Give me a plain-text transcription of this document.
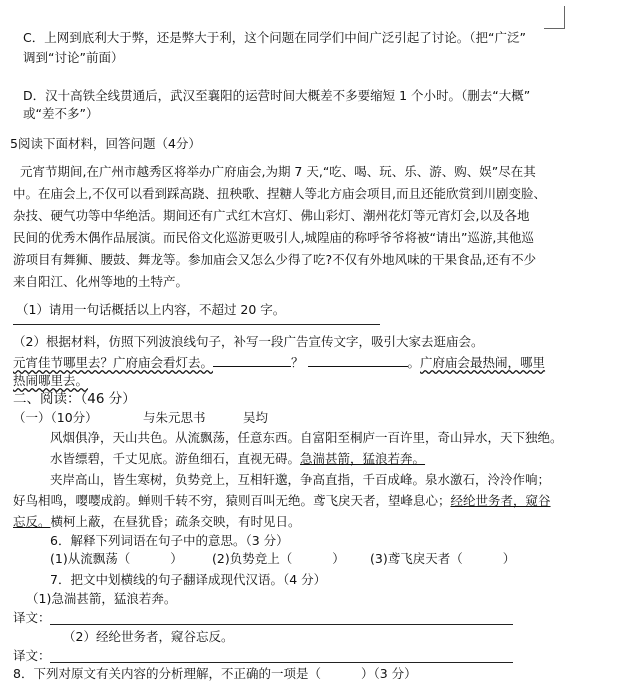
C．上网到底利大于弊，还是弊大于利，这个问题在同学们中间广泛引起了讨论。（把“广泛”
调到“讨论”前面）
D．汉十高铁全线贯通后，武汉至襄阳的运营时间大概差不多要缩短 1 个小时。（删去“大概”
或“差不多”）
5阅读下面材料，回答问题（4分）
元宵节期间,在广州市越秀区将举办广府庙会,为期 7 天,“吃、喝、玩、乐、游、购、娱”尽在其
中。在庙会上,不仅可以看到踩高跷、扭秧歌、捏糖人等北方庙会项目,而且还能欣赏到川剧变脸、
杂技、硬气功等中华绝活。期间还有广式红木宫灯、佛山彩灯、潮州花灯等元宵灯会,以及各地
民间的优秀木偶作品展演。而民俗文化巡游更吸引人,城隍庙的称呼爷爷将被“请出”巡游,其他巡
游项目有舞狮、腰鼓、舞龙等。参加庙会又怎么少得了吃?不仅有外地风味的干果食品,还有不少
来自阳江、化州等地的土特产。
（1）请用一句话概括以上内容，不超过 20 字。
（2）根据材料，仿照下列波浪线句子，补写一段广告宣传文字，吸引大家去逛庙会。
元宵佳节哪里去？广府庙会看灯去。	？	。广府庙会最热闹，哪里
热闹哪里去。
二、阅读：（46 分）
（一）（10分）	与朱元思书	吴均
风烟俱净，天山共色。从流飘荡，任意东西。自富阳至桐庐一百许里，奇山异水，天下独绝。
水皆缥碧，千丈见底。游鱼细石，直视无碍。急湍甚箭，猛浪若奔。
夹岸高山，皆生寒树，负势竞上，互相轩邈，争高直指，千百成峰。泉水激石，泠泠作响；
好鸟相鸣，嘤嘤成韵。蝉则千转不穷，猿则百叫无绝。鸢飞戾天者，望峰息心；经纶世务者，窥谷
忘反。横柯上蔽，在昼犹昏；疏条交映，有时见日。
6．解释下列词语在句子中的意思。（3 分）
(1)从流飘荡（	） (2)负势竞上（	） (3)鸢飞戾天者（	）
7．把文中划横线的句子翻译成现代汉语。（4 分）
（1)急湍甚箭，猛浪若奔。
译文：
（2）经纶世务者，窥谷忘反。
译文：
8．下列对原文有关内容的分析理解，不正确的一项是（	）（3 分）
